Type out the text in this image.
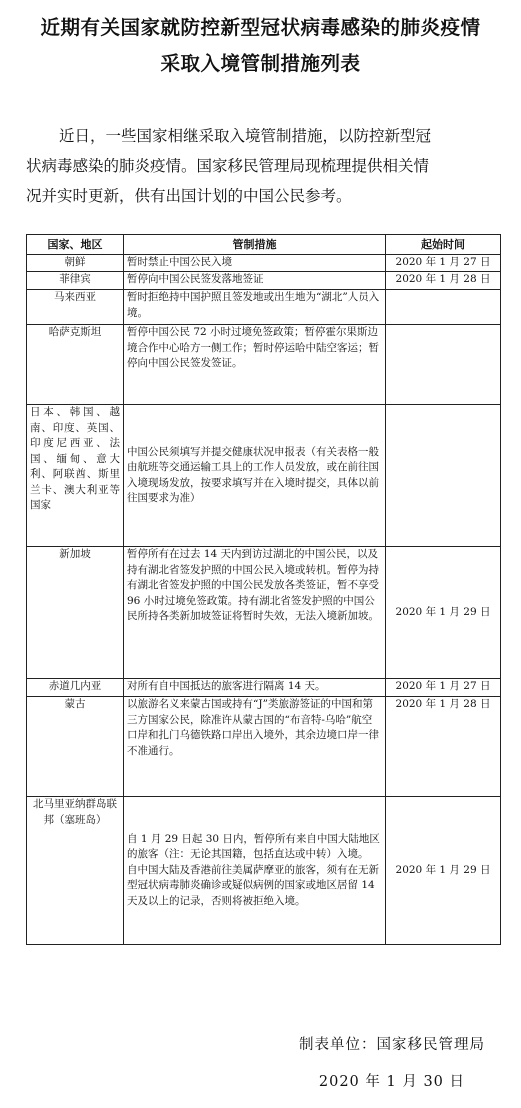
近期有关国家就防控新型冠状病毒感染的肺炎疫情
采取入境管制措施列表
近日，一些国家相继采取入境管制措施，以防控新型冠
状病毒感染的肺炎疫情。国家移民管理局现梳理提供相关情
况并实时更新，供有出国计划的中国公民参考。
国家、地区	管制措施	起始时间
朝鲜	暂时禁止中国公民入境	2020 年 1 月 27 日
菲律宾	暂停向中国公民签发落地签证	2020 年 1 月 28 日
马来西亚	暂时拒绝持中国护照且签发地或出生地为“湖北”人员入境。	
哈萨克斯坦	暂停中国公民 72 小时过境免签政策；暂停霍尔果斯边境合作中心哈方一侧工作；暂时停运哈中陆空客运；暂停向中国公民签发签证。	
日本、韩国、越南、印度、英国、印度尼西亚、法国、缅甸、意大利、阿联酋、斯里兰卡、澳大利亚等国家	中国公民须填写并提交健康状况申报表（有关表格一般由航班等交通运输工具上的工作人员发放，或在前往国入境现场发放，按要求填写并在入境时提交，具体以前往国要求为准）	
新加坡	暂停所有在过去 14 天内到访过湖北的中国公民，以及持有湖北省签发护照的中国公民入境或转机。暂停为持有湖北省签发护照的中国公民发放各类签证，暂不享受 96 小时过境免签政策。持有湖北省签发护照的中国公民所持各类新加坡签证将暂时失效，无法入境新加坡。	2020 年 1 月 29 日
赤道几内亚	对所有自中国抵达的旅客进行隔离 14 天。	2020 年 1 月 27 日
蒙古	以旅游名义来蒙古国或持有“J”类旅游签证的中国和第三方国家公民，除准许从蒙古国的“布音特-乌哈”航空口岸和扎门乌德铁路口岸出入境外，其余边境口岸一律不准通行。	2020 年 1 月 28 日
北马里亚纳群岛联邦（塞班岛）	自 1 月 29 日起 30 日内，暂停所有来自中国大陆地区的旅客（注：无论其国籍，包括直达或中转）入境。
自中国大陆及香港前往美属萨摩亚的旅客，须有在无新型冠状病毒肺炎确诊或疑似病例的国家或地区居留 14 天及以上的记录，否则将被拒绝入境。	2020 年 1 月 29 日
制表单位：国家移民管理局
2020 年 1 月 30 日
